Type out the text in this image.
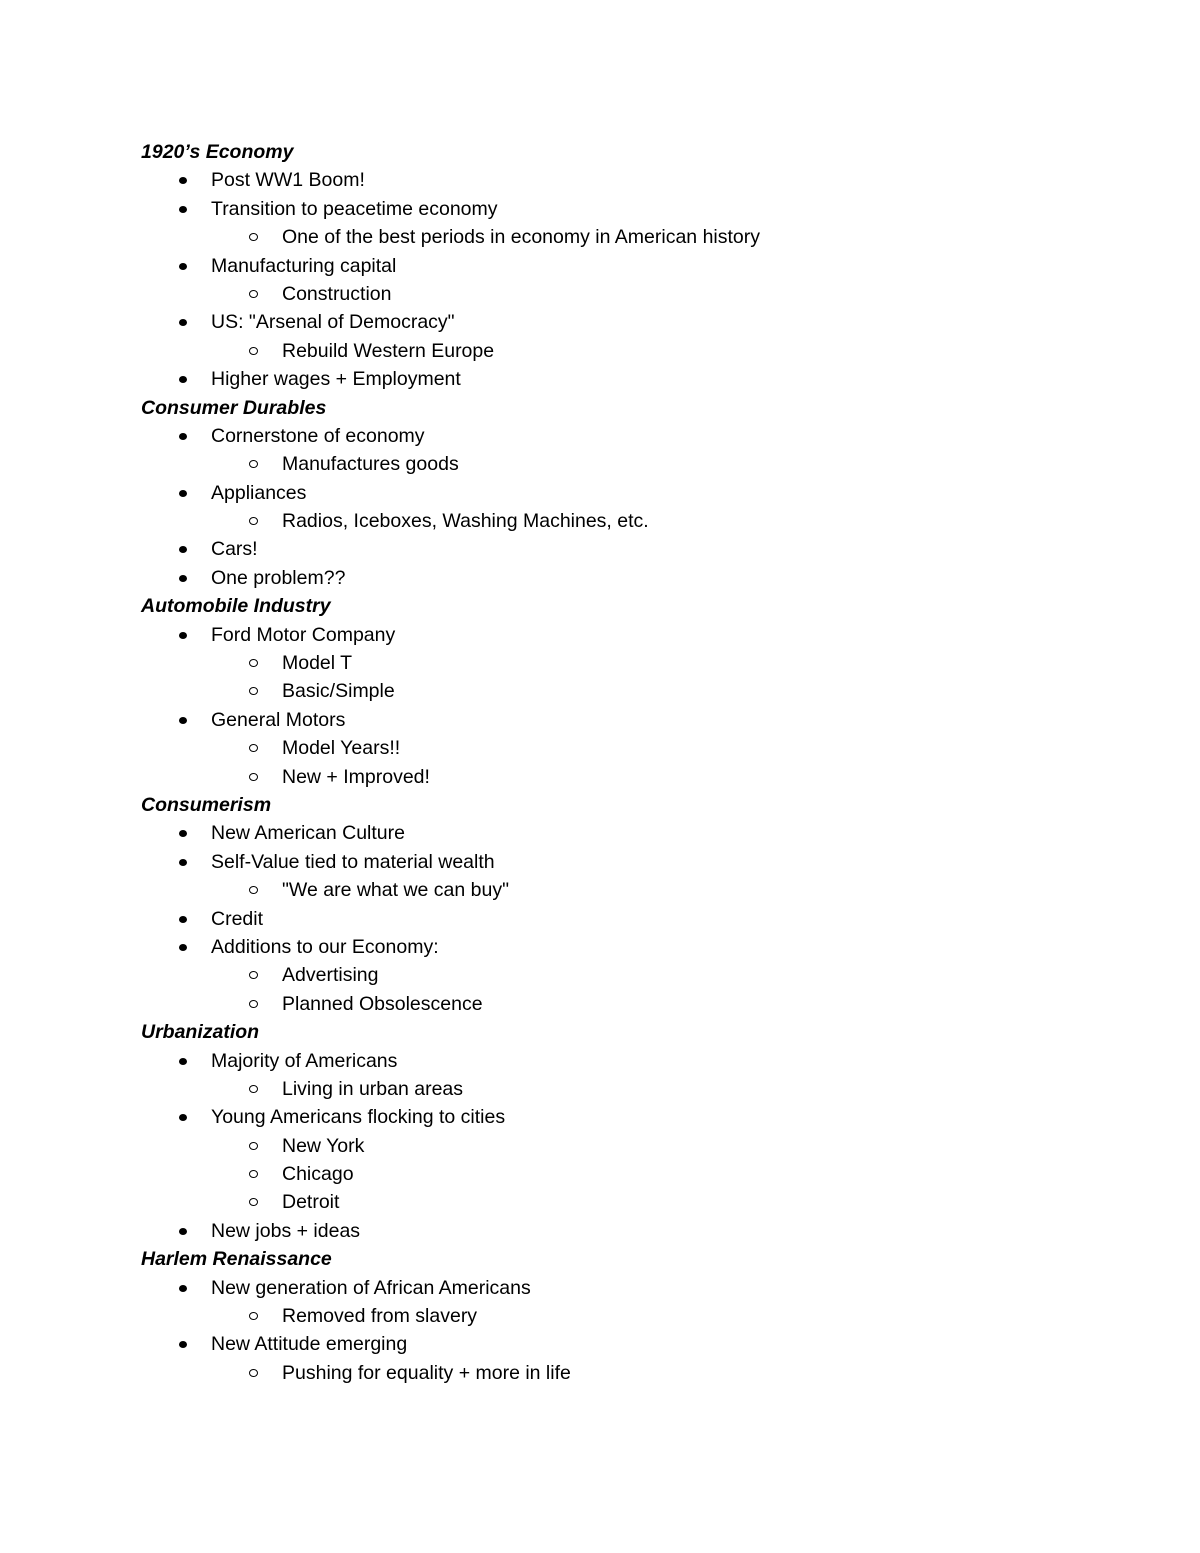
1920’s Economy
Post WW1 Boom!
Transition to peacetime economy
One of the best periods in economy in American history
Manufacturing capital
Construction
US: "Arsenal of Democracy"
Rebuild Western Europe
Higher wages + Employment
Consumer Durables
Cornerstone of economy
Manufactures goods
Appliances
Radios, Iceboxes, Washing Machines, etc.
Cars!
One problem??
Automobile Industry
Ford Motor Company
Model T
Basic/Simple
General Motors
Model Years!!
New + Improved!
Consumerism
New American Culture
Self-Value tied to material wealth
"We are what we can buy"
Credit
Additions to our Economy:
Advertising
Planned Obsolescence
Urbanization
Majority of Americans
Living in urban areas
Young Americans flocking to cities
New York
Chicago
Detroit
New jobs + ideas
Harlem Renaissance
New generation of African Americans
Removed from slavery
New Attitude emerging
Pushing for equality + more in life
